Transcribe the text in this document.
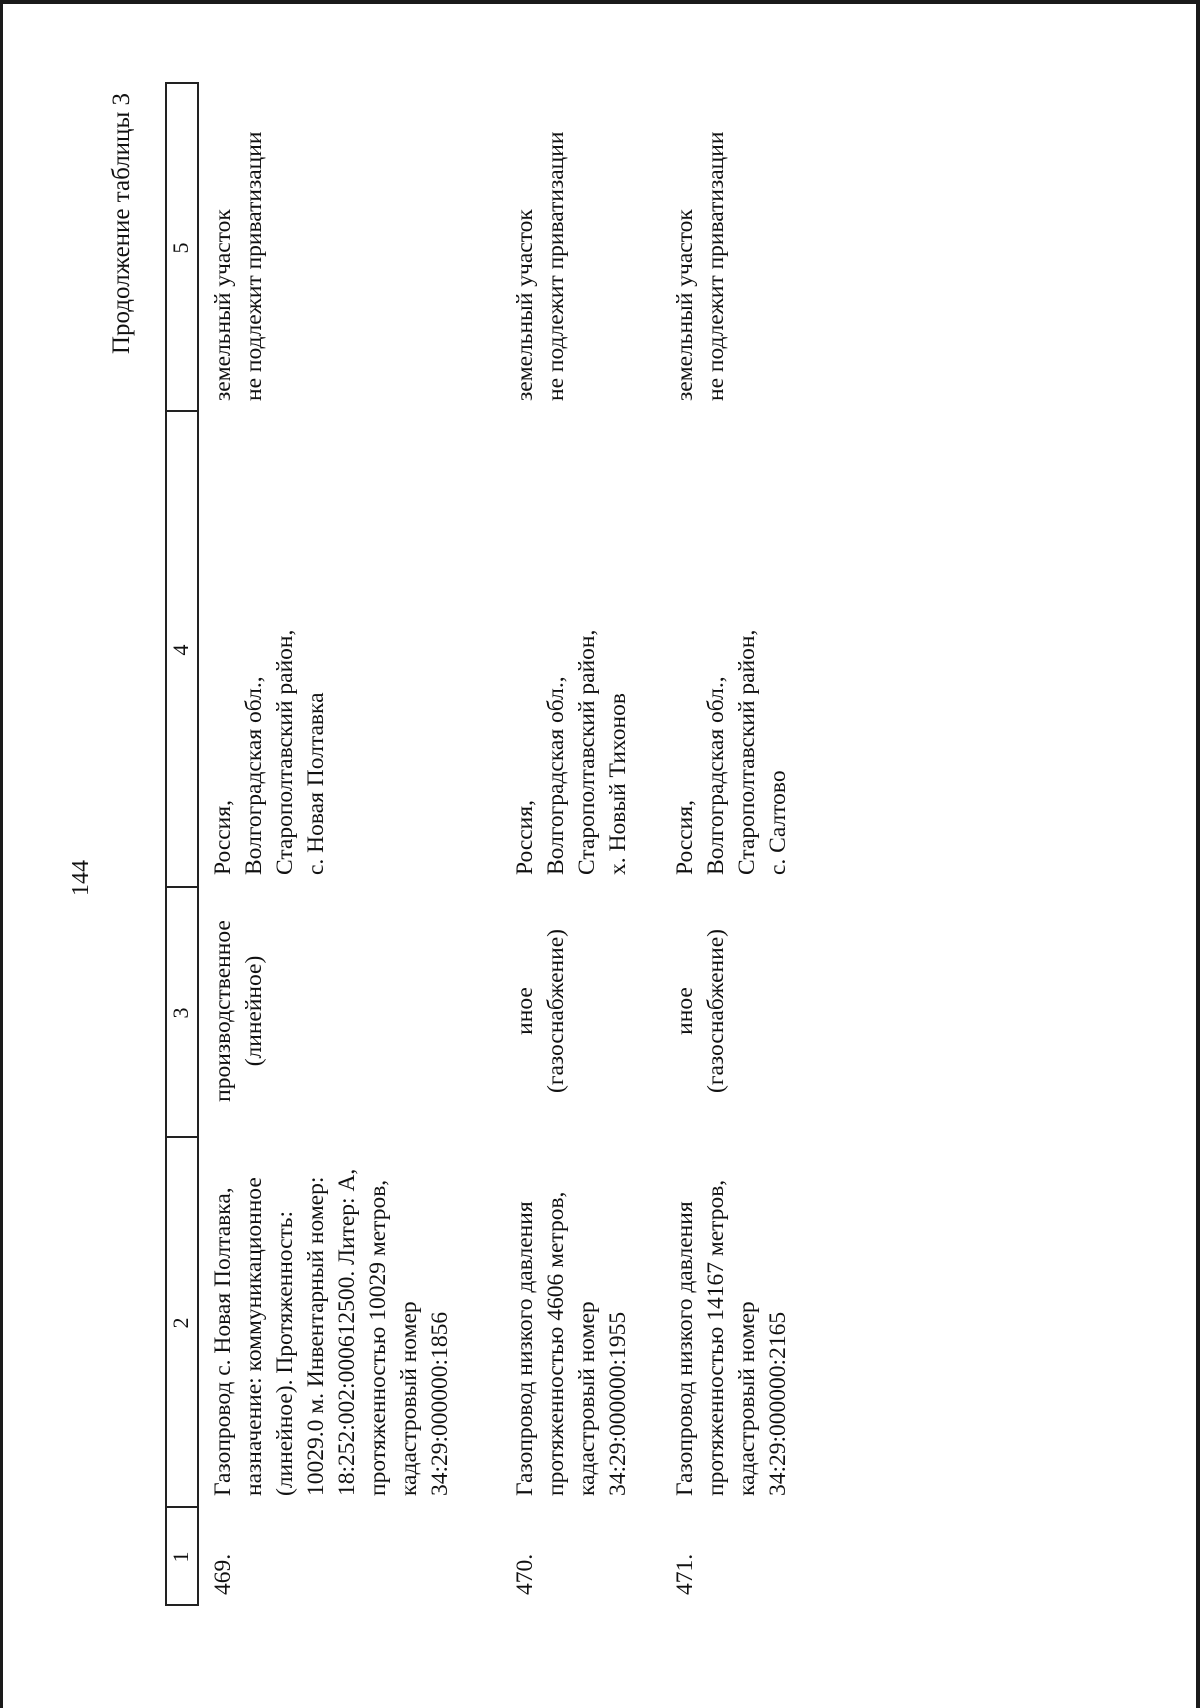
144
Продолжение таблицы 3
1
2
3
4
5
469.
Газопровод с. Новая Полтавка, назначение: коммуникационное (линейное). Протяженность: 10029.0 м. Инвентарный номер: 18:252:002:000612500. Литер: А, протяженностью 10029 метров, кадастровый номер 34:29:000000:1856
производственное (линейное)
Россия, Волгоградская обл., Старополтавский район, с. Новая Полтавка
земельный участок не подлежит приватизации
470.
Газопровод низкого давления протяженностью 4606 метров, кадастровый номер 34:29:000000:1955
иное (газоснабжение)
Россия, Волгоградская обл., Старополтавский район, х. Новый Тихонов
земельный участок не подлежит приватизации
471.
Газопровод низкого давления протяженностью 14167 метров, кадастровый номер 34:29:000000:2165
иное (газоснабжение)
Россия, Волгоградская обл., Старополтавский район, с. Салтово
земельный участок не подлежит приватизации
